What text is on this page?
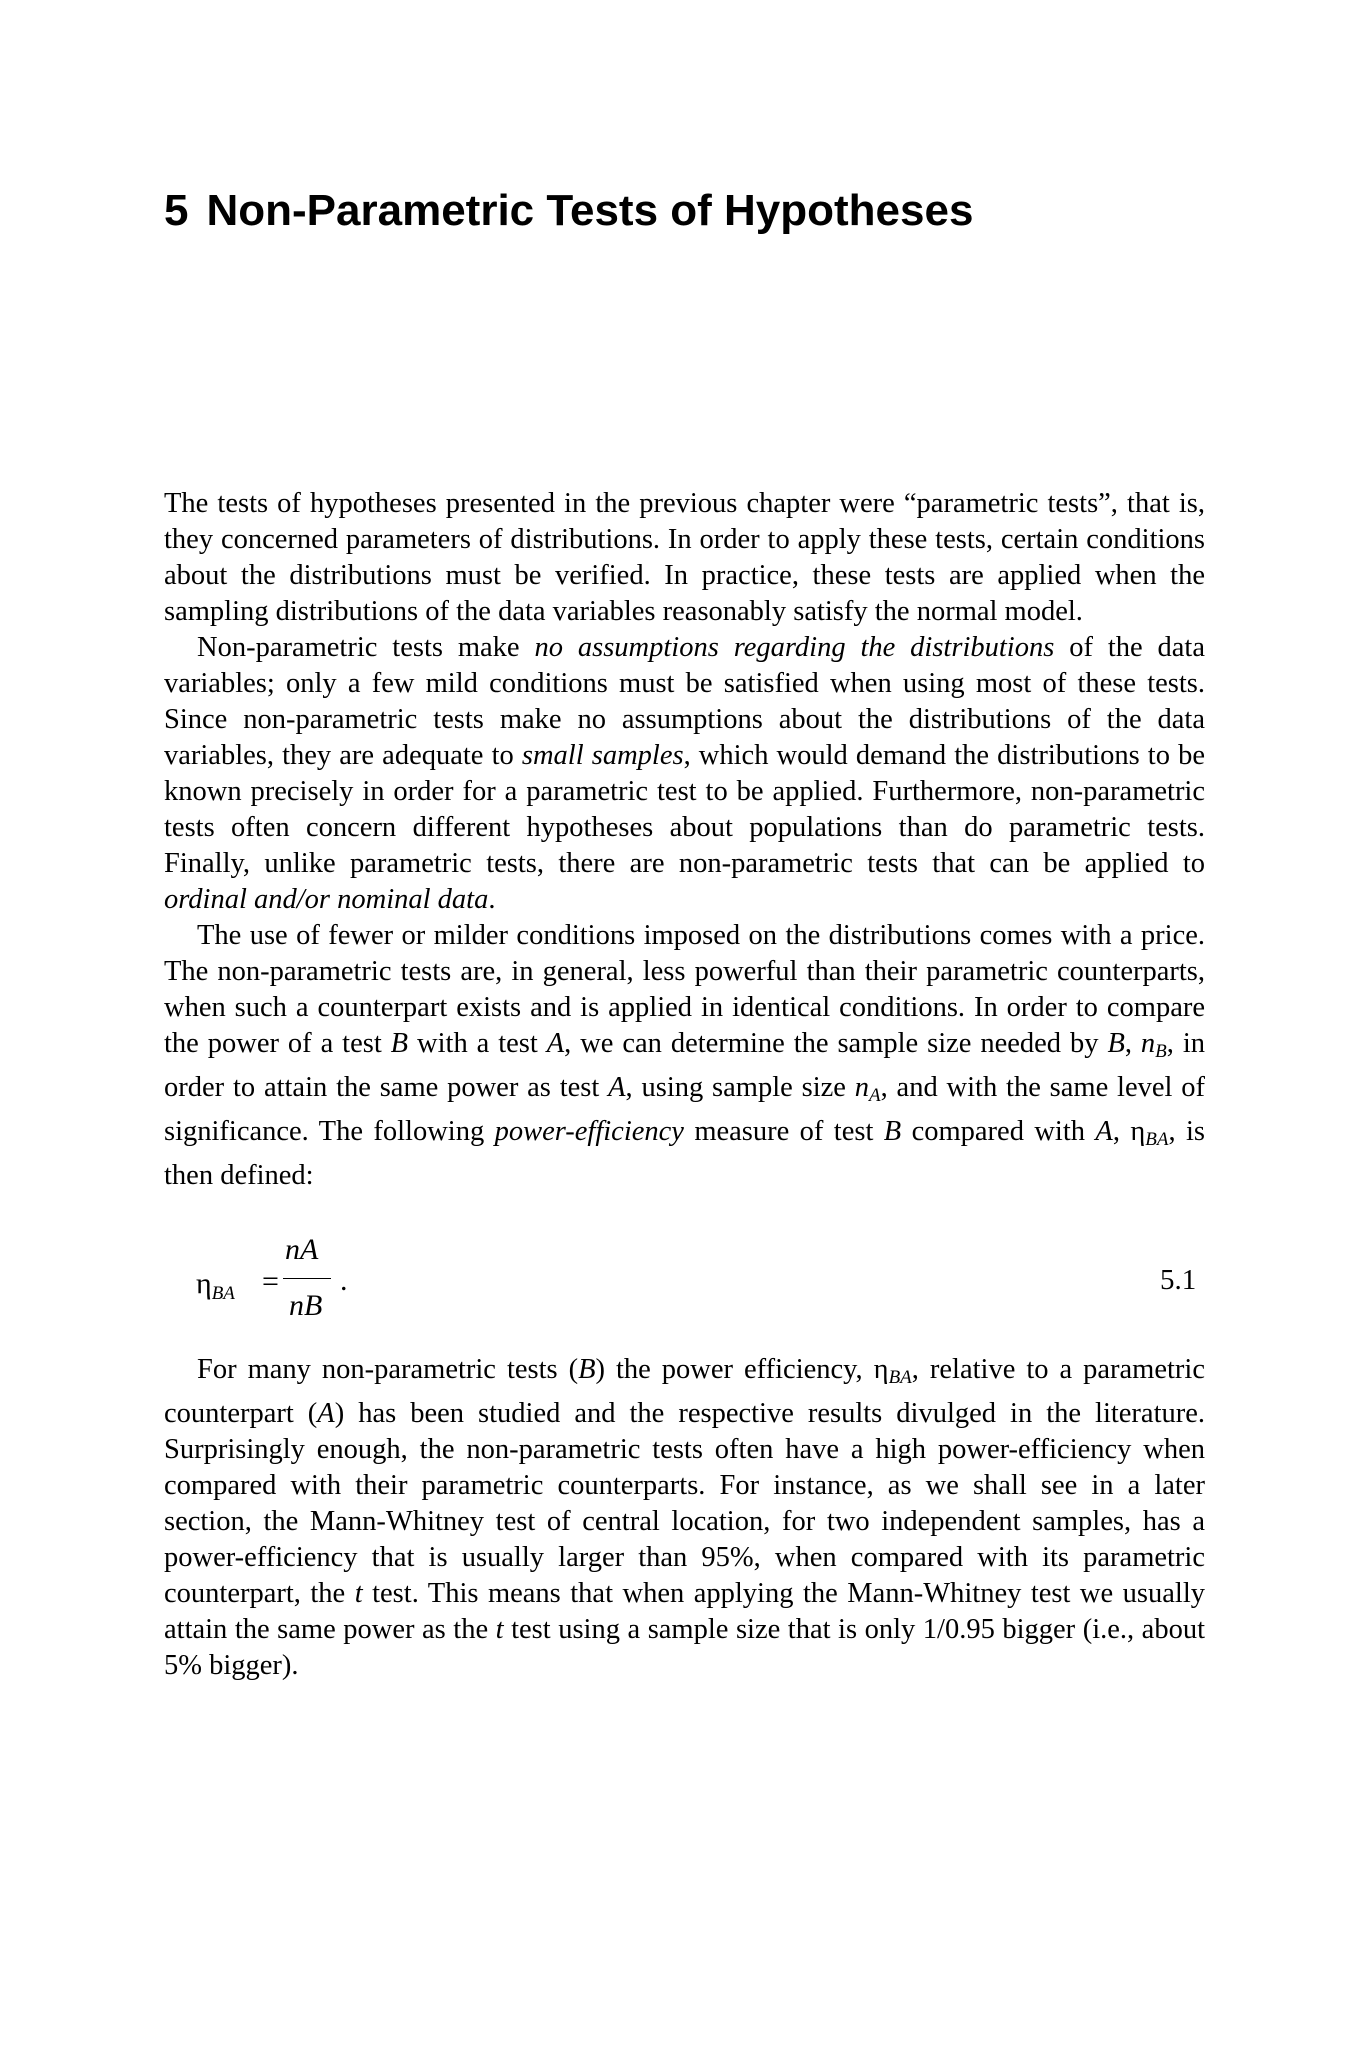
5 Non-Parametric Tests of Hypotheses

The tests of hypotheses presented in the previous chapter were “parametric tests”, that is, they concerned parameters of distributions. In order to apply these tests, certain conditions about the distributions must be verified. In practice, these tests are applied when the sampling distributions of the data variables reasonably satisfy the normal model.

Non-parametric tests make no assumptions regarding the distributions of the data variables; only a few mild conditions must be satisfied when using most of these tests. Since non-parametric tests make no assumptions about the distributions of the data variables, they are adequate to small samples, which would demand the distributions to be known precisely in order for a parametric test to be applied. Furthermore, non-parametric tests often concern different hypotheses about populations than do parametric tests. Finally, unlike parametric tests, there are non-parametric tests that can be applied to ordinal and/or nominal data.

The use of fewer or milder conditions imposed on the distributions comes with a price. The non-parametric tests are, in general, less powerful than their parametric counterparts, when such a counterpart exists and is applied in identical conditions. In order to compare the power of a test B with a test A, we can determine the sample size needed by B, nB, in order to attain the same power as test A, using sample size nA, and with the same level of significance. The following power-efficiency measure of test B compared with A, ηBA, is then defined:

$\eta_{BA}$ =
nA
nB
.	5.1

For many non-parametric tests (B) the power efficiency, ηBA, relative to a parametric counterpart (A) has been studied and the respective results divulged in the literature. Surprisingly enough, the non-parametric tests often have a high power-efficiency when compared with their parametric counterparts. For instance, as we shall see in a later section, the Mann-Whitney test of central location, for two independent samples, has a power-efficiency that is usually larger than 95%, when compared with its parametric counterpart, the t test. This means that when applying the Mann-Whitney test we usually attain the same power as the t test using a sample size that is only 1/0.95 bigger (i.e., about 5% bigger).
